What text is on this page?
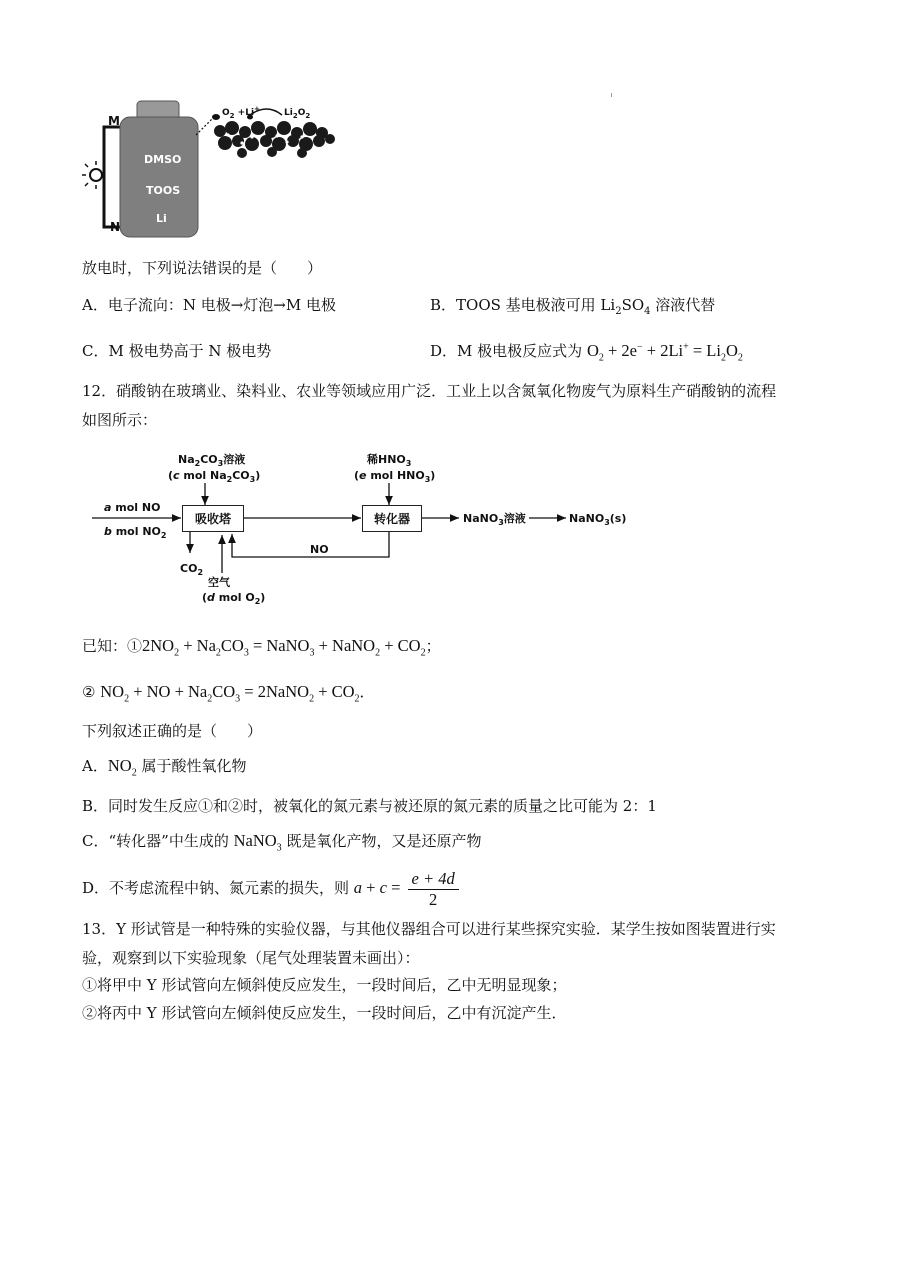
M
N
DMSO
TOOS
Li
$O_2 +Li^+$	$Li_2O_2$
放电时，下列说法错误的是（　　）
A．电子流向：N 电极→灯泡→M 电极	B．TOOS 基电极液可用 $Li_2SO_4$ 溶液代替
C．M 极电势高于 N 极电势	D．M 极电极反应式为 $O_2 + 2e^- + 2Li^+ = Li_2O_2$
12．硝酸钠在玻璃业、染料业、农业等领域应用广泛．工业上以含氮氧化物废气为原料生产硝酸钠的流程
如图所示：
吸收塔	转化器
$Na_2CO_3$溶液
(c mol $Na_2CO_3$)
稀$HNO_3$
(e mol $HNO_3$)
a mol NO
b mol $NO_2$
NaNO$_3$溶液	NaNO$_3$(s)
NO
$CO_2$
空气
(d mol $O_2$)
已知：$①2NO_2 + Na_2CO_3$ = NaNO$_3$ + NaNO$_2$ + $CO_2$；
② $NO_2$ + NO + $Na_2CO_3$ = 2NaNO$_2$ + $CO_2$．
下列叙述正确的是（　　）
A．$NO_2$ 属于酸性氧化物
B．同时发生反应①和②时，被氧化的氮元素与被还原的氮元素的质量之比可能为 2：1
C．“转化器”中生成的 NaNO$_3$ 既是氧化产物，又是还原产物
D．不考虑流程中钠、氮元素的损失，则 $a + c = \frac{e + 4d}{2}$
13．Y 形试管是一种特殊的实验仪器，与其他仪器组合可以进行某些探究实验．某学生按如图装置进行实
验，观察到以下实验现象（尾气处理装置未画出）：
①将甲中 Y 形试管向左倾斜使反应发生，一段时间后，乙中无明显现象；
②将丙中 Y 形试管向左倾斜使反应发生，一段时间后，乙中有沉淀产生．
